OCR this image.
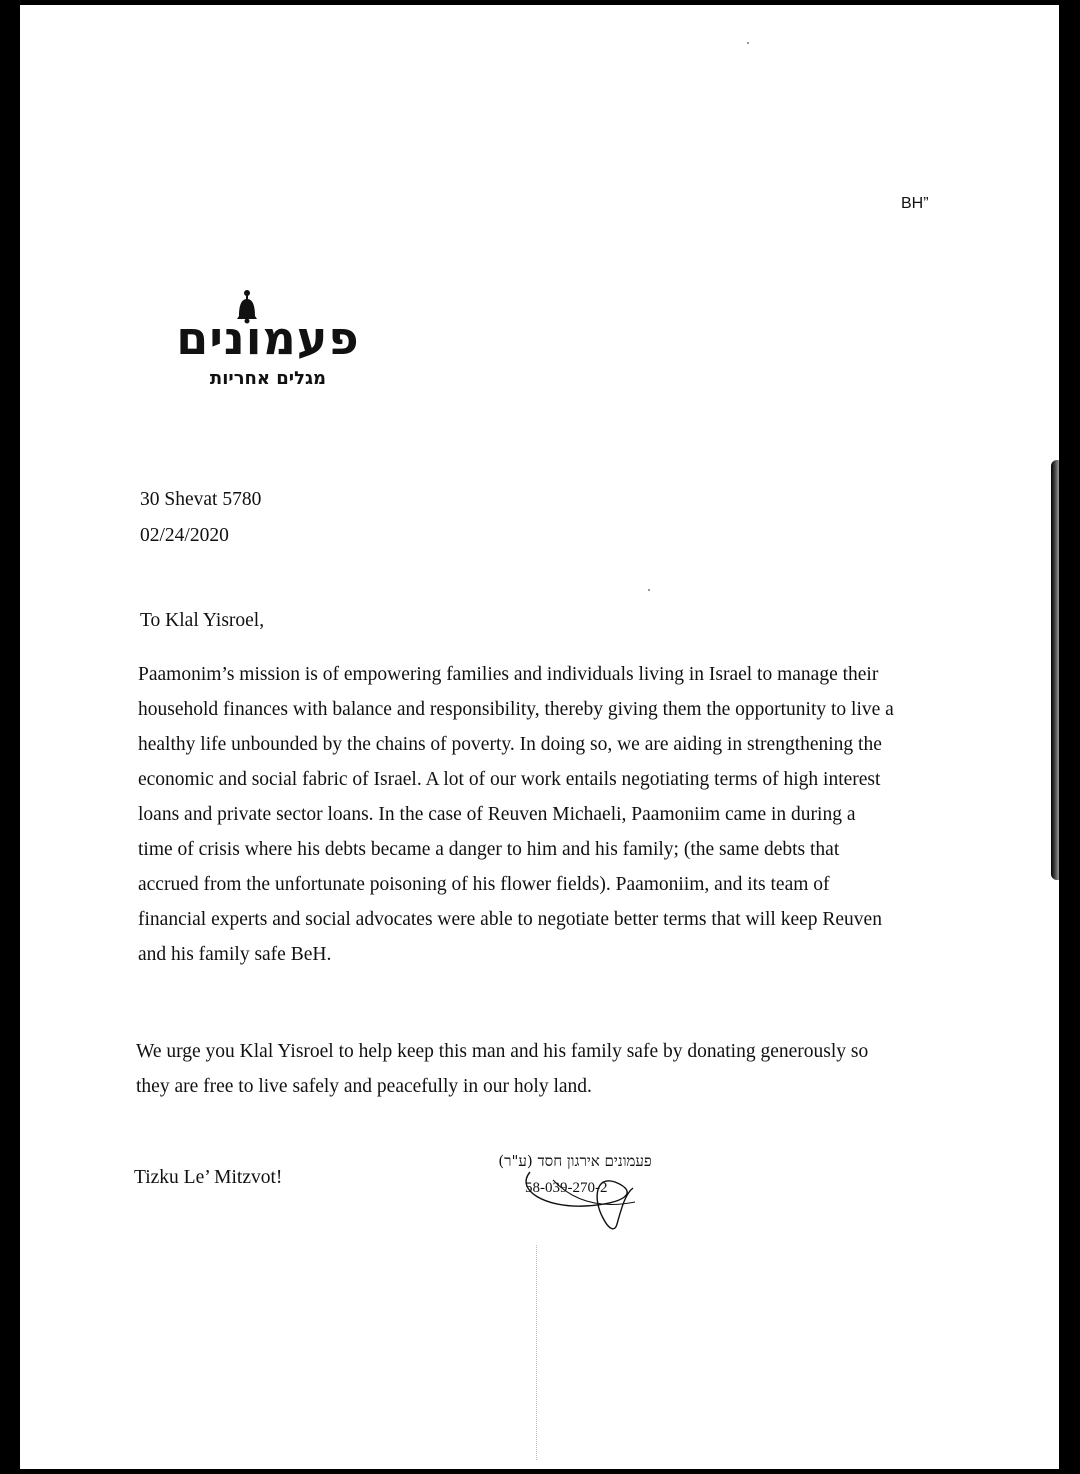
BH”
פעמונים
מגלים אחריות
30 Shevat 5780
02/24/2020
To Klal Yisroel,
Paamonim’s mission is of empowering families and individuals living in Israel to manage their
household finances with balance and responsibility, thereby giving them the opportunity to live a
healthy life unbounded by the chains of poverty. In doing so, we are aiding in strengthening the
economic and social fabric of Israel. A lot of our work entails negotiating terms of high interest
loans and private sector loans. In the case of Reuven Michaeli, Paamoniim came in during a
time of crisis where his debts became a danger to him and his family; (the same debts that
accrued from the unfortunate poisoning of his flower fields). Paamoniim, and its team of
financial experts and social advocates were able to negotiate better terms that will keep Reuven
and his family safe BeH.
We urge you Klal Yisroel to help keep this man and his family safe by donating generously so
they are free to live safely and peacefully in our holy land.
Tizku Le’ Mitzvot!
פעמונים אירגון חסד (ע"ר)
58-039-270-2
